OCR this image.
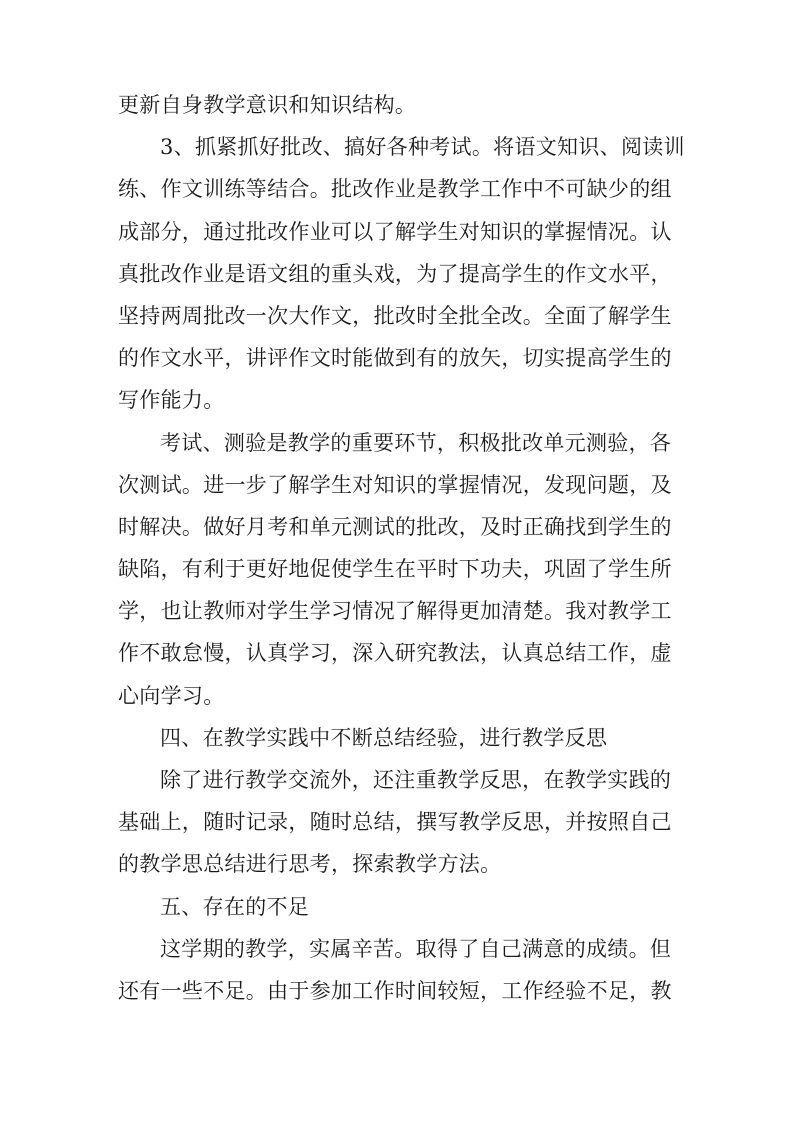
更新自身教学意识和知识结构。
3、抓紧抓好批改、搞好各种考试。将语文知识、阅读训
练、作文训练等结合。批改作业是教学工作中不可缺少的组
成部分，通过批改作业可以了解学生对知识的掌握情况。认
真批改作业是语文组的重头戏，为了提高学生的作文水平，
坚持两周批改一次大作文，批改时全批全改。全面了解学生
的作文水平，讲评作文时能做到有的放矢，切实提高学生的
写作能力。
考试、测验是教学的重要环节，积极批改单元测验，各
次测试。进一步了解学生对知识的掌握情况，发现问题，及
时解决。做好月考和单元测试的批改，及时正确找到学生的
缺陷，有利于更好地促使学生在平时下功夫，巩固了学生所
学，也让教师对学生学习情况了解得更加清楚。我对教学工
作不敢怠慢，认真学习，深入研究教法，认真总结工作，虚
心向学习。
四、在教学实践中不断总结经验，进行教学反思
除了进行教学交流外，还注重教学反思，在教学实践的
基础上，随时记录，随时总结，撰写教学反思，并按照自己
的教学思总结进行思考，探索教学方法。
五、存在的不足
这学期的教学，实属辛苦。取得了自己满意的成绩。但
还有一些不足。由于参加工作时间较短，工作经验不足，教
